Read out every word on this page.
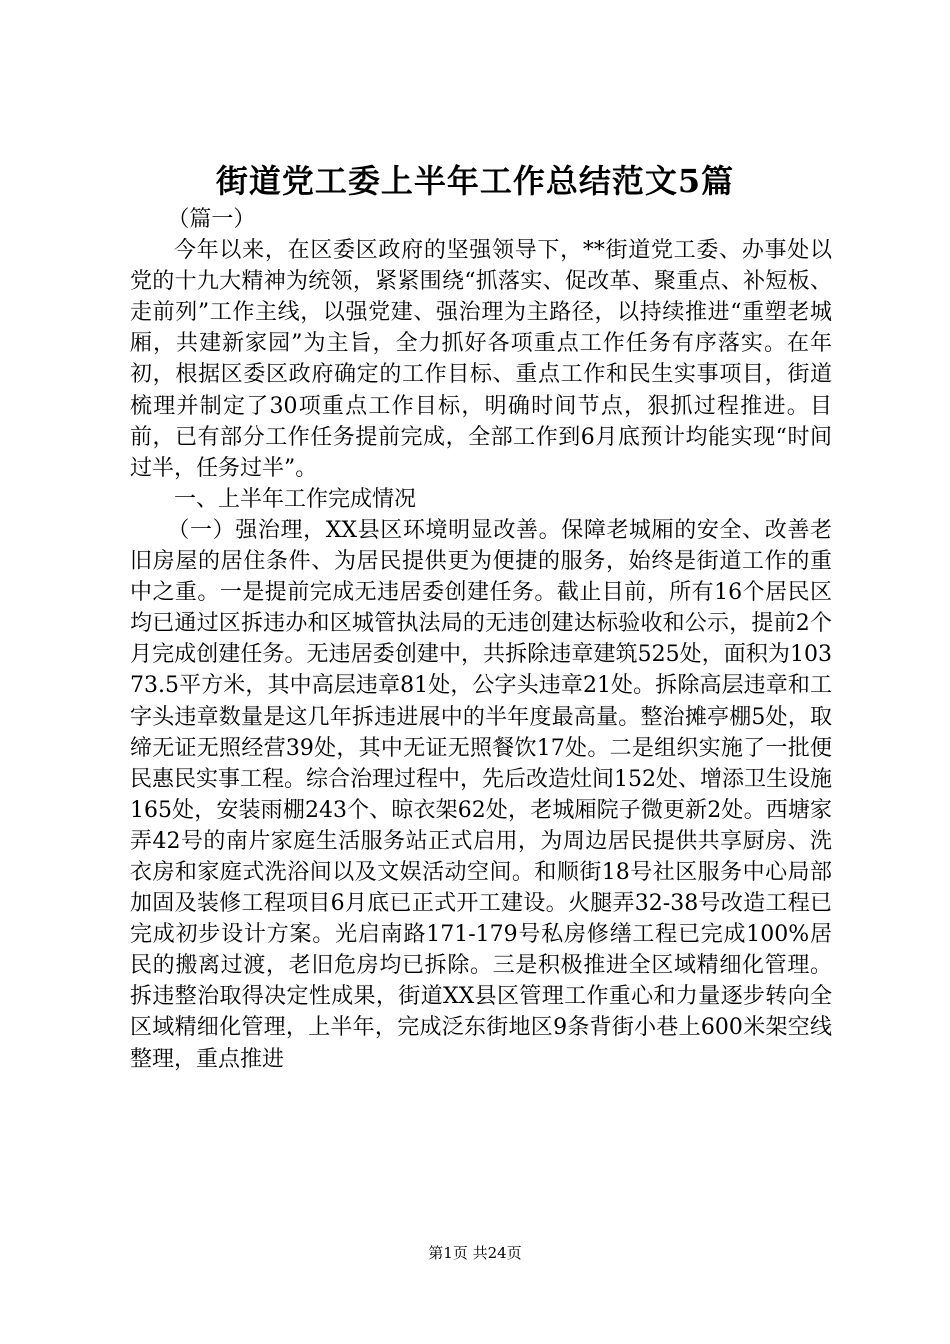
街道党工委上半年工作总结范文5篇

（篇一）

今年以来，在区委区政府的坚强领导下，**街道党工委、办事处以党的十九大精神为统领，紧紧围绕“抓落实、促改革、聚重点、补短板、走前列”工作主线，以强党建、强治理为主路径，以持续推进“重塑老城厢，共建新家园”为主旨，全力抓好各项重点工作任务有序落实。在年初，根据区委区政府确定的工作目标、重点工作和民生实事项目，街道梳理并制定了30项重点工作目标，明确时间节点，狠抓过程推进。目前，已有部分工作任务提前完成，全部工作到6月底预计均能实现“时间过半，任务过半”。

一、上半年工作完成情况

（一）强治理，XX县区环境明显改善。保障老城厢的安全、改善老旧房屋的居住条件、为居民提供更为便捷的服务，始终是街道工作的重中之重。一是提前完成无违居委创建任务。截止目前，所有16个居民区均已通过区拆违办和区城管执法局的无违创建达标验收和公示，提前2个月完成创建任务。无违居委创建中，共拆除违章建筑525处，面积为10373.5平方米，其中高层违章81处，公字头违章21处。拆除高层违章和工字头违章数量是这几年拆违进展中的半年度最高量。整治摊亭棚5处，取缔无证无照经营39处，其中无证无照餐饮17处。二是组织实施了一批便民惠民实事工程。综合治理过程中，先后改造灶间152处、增添卫生设施165处，安装雨棚243个、晾衣架62处，老城厢院子微更新2处。西塘家弄42号的南片家庭生活服务站正式启用，为周边居民提供共享厨房、洗衣房和家庭式洗浴间以及文娱活动空间。和顺街18号社区服务中心局部加固及装修工程项目6月底已正式开工建设。火腿弄32-38号改造工程已完成初步设计方案。光启南路171-179号私房修缮工程已完成100%居民的搬离过渡，老旧危房均已拆除。三是积极推进全区域精细化管理。拆违整治取得决定性成果，街道XX县区管理工作重心和力量逐步转向全区域精细化管理，上半年，完成泛东街地区9条背街小巷上600米架空线整理，重点推进

第1页 共24页
